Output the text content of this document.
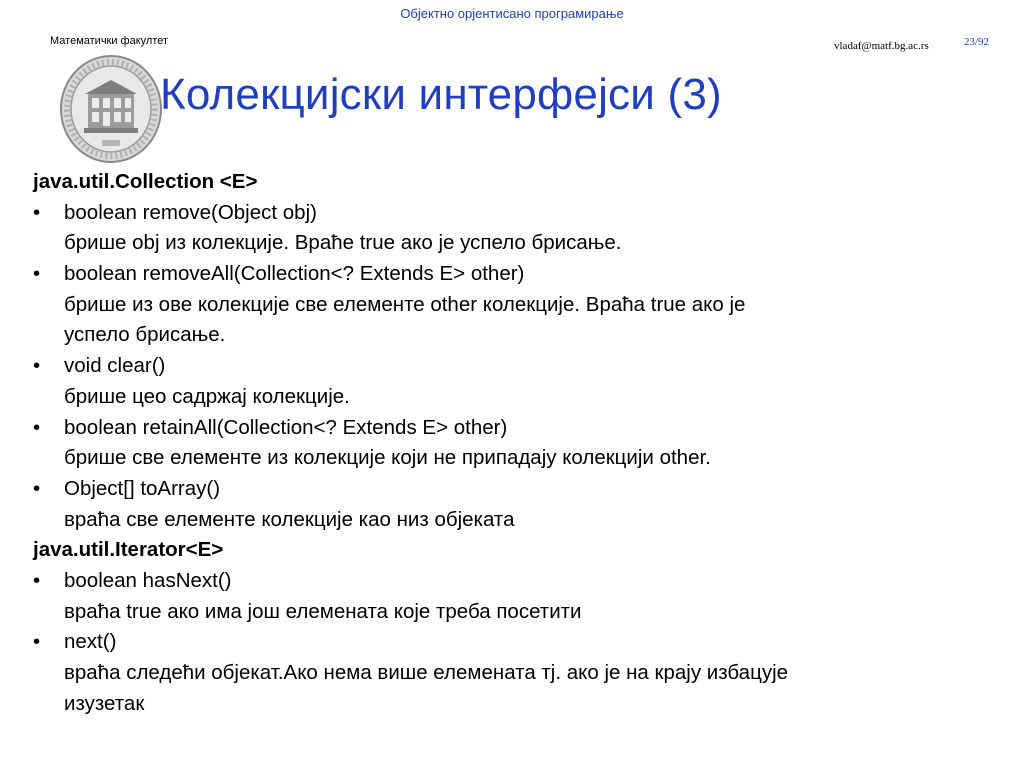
Објектно орјентисано програмирање
Математички факултет	vladaf@matf.bg.ac.rs	23/92
Колекцијски интерфејси (3)
java.util.Collection <E>
• boolean remove(Object obj)
брише obj из колекције. Враће true ако је успело брисање.
• boolean removeAll(Collection<? Extends E> other)
брише из ове колекције све елементе other колекције. Враћа true ако је
успело брисање.
• void clear()
брише цео садржај колекције.
• boolean retainAll(Collection<? Extends E> other)
брише све елементе из колекције који не припадају колекцији other.
• Object[] toArray()
враћа све елементе колекције као низ објеката
java.util.Iterator<E>
• boolean hasNext()
враћа true ако има још елемената које треба посетити
• next()
враћа следећи објекат.Ако нема више елемената тј. ако је на крају избацује
изузетак
